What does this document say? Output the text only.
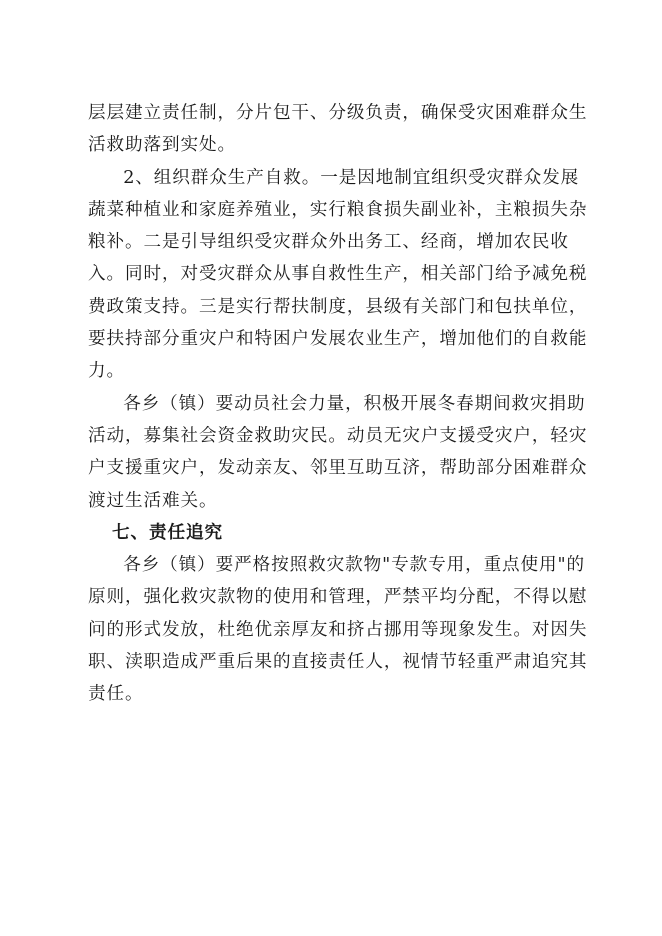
层层建立责任制，分片包干、分级负责，确保受灾困难群众生活救助落到实处。

2、组织群众生产自救。一是因地制宜组织受灾群众发展蔬菜种植业和家庭养殖业，实行粮食损失副业补，主粮损失杂粮补。二是引导组织受灾群众外出务工、经商，增加农民收入。同时，对受灾群众从事自救性生产，相关部门给予减免税费政策支持。三是实行帮扶制度，县级有关部门和包扶单位，要扶持部分重灾户和特困户发展农业生产，增加他们的自救能力。

各乡（镇）要动员社会力量，积极开展冬春期间救灾捐助活动，募集社会资金救助灾民。动员无灾户支援受灾户，轻灾户支援重灾户，发动亲友、邻里互助互济，帮助部分困难群众渡过生活难关。

七、责任追究

各乡（镇）要严格按照救灾款物"专款专用，重点使用"的原则，强化救灾款物的使用和管理，严禁平均分配，不得以慰问的形式发放，杜绝优亲厚友和挤占挪用等现象发生。对因失职、渎职造成严重后果的直接责任人，视情节轻重严肃追究其责任。
